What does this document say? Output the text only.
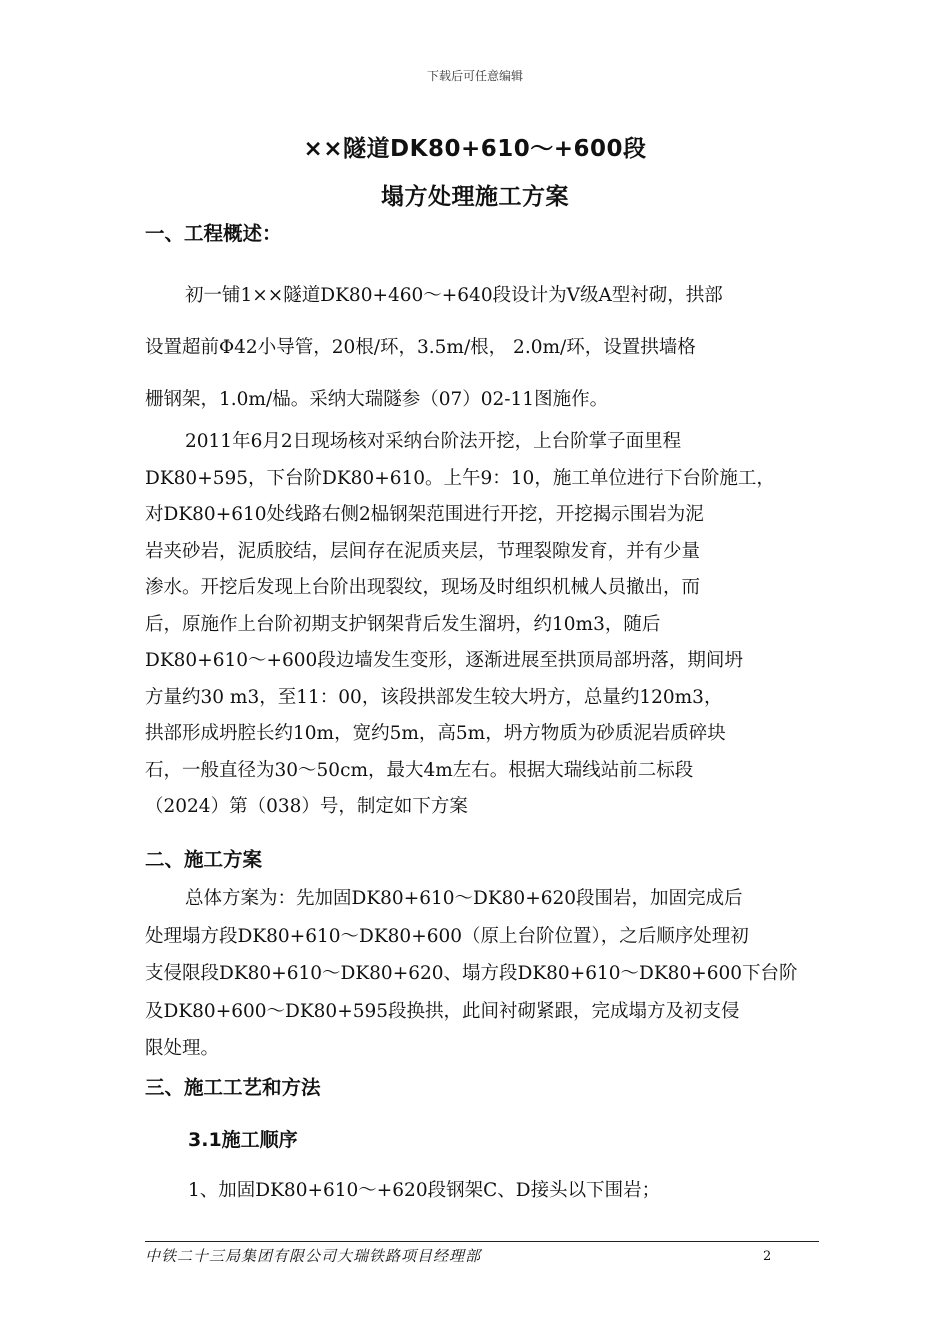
下载后可任意编辑
××隧道DK80+610～+600段
塌方处理施工方案
一、工程概述：
初一铺1××隧道DK80+460～+640段设计为Ⅴ级A型衬砌，拱部
设置超前Φ42小导管，20根/环，3.5m/根， 2.0m/环，设置拱墙格
栅钢架，1.0m/榀。采纳大瑞隧参（07）02-11图施作。
2011年6月2日现场核对采纳台阶法开挖，上台阶掌子面里程
DK80+595，下台阶DK80+610。上午9：10，施工单位进行下台阶施工，
对DK80+610处线路右侧2榀钢架范围进行开挖，开挖揭示围岩为泥
岩夹砂岩，泥质胶结，层间存在泥质夹层，节理裂隙发育，并有少量
渗水。开挖后发现上台阶出现裂纹，现场及时组织机械人员撤出，而
后，原施作上台阶初期支护钢架背后发生溜坍，约10m3，随后
DK80+610～+600段边墙发生变形，逐渐进展至拱顶局部坍落，期间坍
方量约30 m3，至11：00，该段拱部发生较大坍方，总量约120m3，
拱部形成坍腔长约10m，宽约5m，高5m，坍方物质为砂质泥岩质碎块
石，一般直径为30～50cm，最大4m左右。根据大瑞线站前二标段
（2024）第（038）号，制定如下方案
二、施工方案
总体方案为：先加固DK80+610～DK80+620段围岩，加固完成后
处理塌方段DK80+610～DK80+600（原上台阶位置），之后顺序处理初
支侵限段DK80+610～DK80+620、塌方段DK80+610～DK80+600下台阶
及DK80+600～DK80+595段换拱，此间衬砌紧跟，完成塌方及初支侵
限处理。
三、施工工艺和方法
3.1施工顺序
1、加固DK80+610～+620段钢架C、D接头以下围岩；
中铁二十三局集团有限公司大瑞铁路项目经理部	2
